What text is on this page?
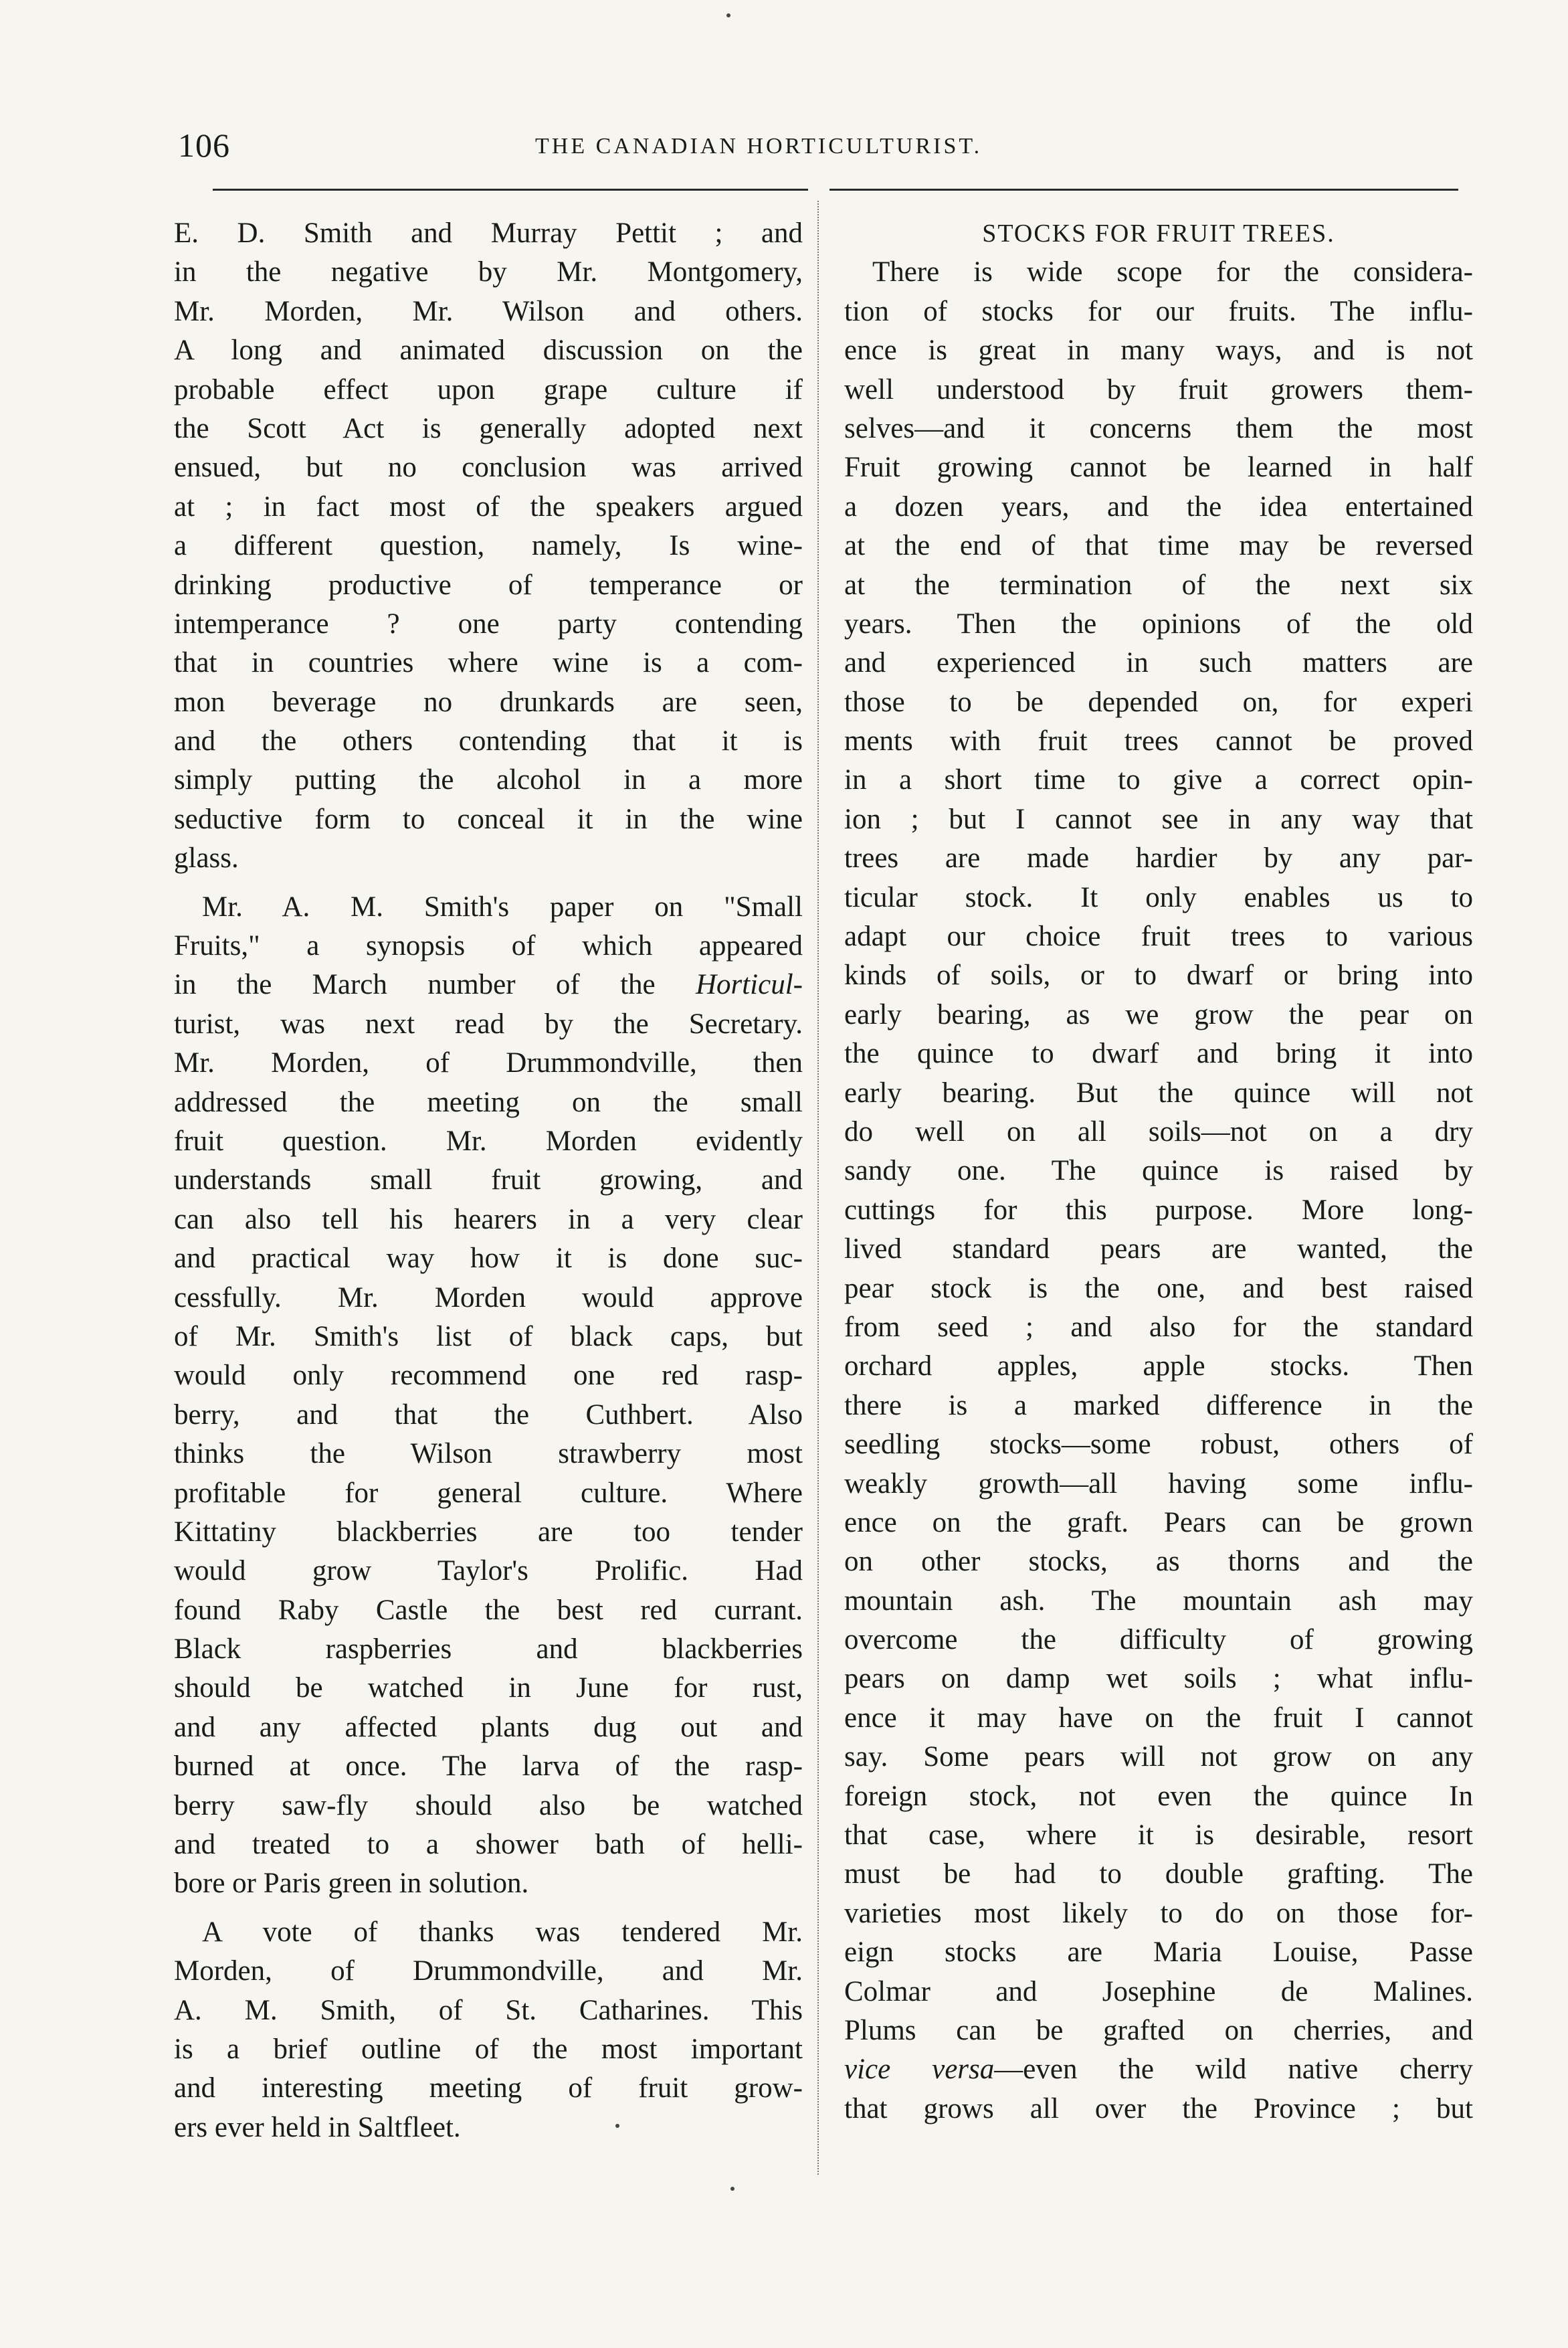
106	THE CANADIAN HORTICULTURIST.
E. D. Smith and Murray Pettit ; and
in the negative by Mr. Montgomery,
Mr. Morden, Mr. Wilson and others.
A long and animated discussion on the
probable effect upon grape culture if
the Scott Act is generally adopted next
ensued, but no conclusion was arrived
at ; in fact most of the speakers argued
a different question, namely, Is wine-
drinking productive of temperance or
intemperance ? one party contending
that in countries where wine is a com-
mon beverage no drunkards are seen,
and the others contending that it is
simply putting the alcohol in a more
seductive form to conceal it in the wine
glass.
Mr. A. M. Smith's paper on "Small
Fruits," a synopsis of which appeared
in the March number of the Horticul-
turist, was next read by the Secretary.
Mr. Morden, of Drummondville, then
addressed the meeting on the small
fruit question. Mr. Morden evidently
understands small fruit growing, and
can also tell his hearers in a very clear
and practical way how it is done suc-
cessfully. Mr. Morden would approve
of Mr. Smith's list of black caps, but
would only recommend one red rasp-
berry, and that the Cuthbert. Also
thinks the Wilson strawberry most
profitable for general culture. Where
Kittatiny blackberries are too tender
would grow Taylor's Prolific. Had
found Raby Castle the best red currant.
Black raspberries and blackberries
should be watched in June for rust,
and any affected plants dug out and
burned at once. The larva of the rasp-
berry saw-fly should also be watched
and treated to a shower bath of helli-
bore or Paris green in solution.
A vote of thanks was tendered Mr.
Morden, of Drummondville, and Mr.
A. M. Smith, of St. Catharines. This
is a brief outline of the most important
and interesting meeting of fruit grow-
ers ever held in Saltfleet.
STOCKS FOR FRUIT TREES.
There is wide scope for the considera-
tion of stocks for our fruits. The influ-
ence is great in many ways, and is not
well understood by fruit growers them-
selves—and it concerns them the most
Fruit growing cannot be learned in half
a dozen years, and the idea entertained
at the end of that time may be reversed
at the termination of the next six
years. Then the opinions of the old
and experienced in such matters are
those to be depended on, for experi
ments with fruit trees cannot be proved
in a short time to give a correct opin-
ion ; but I cannot see in any way that
trees are made hardier by any par-
ticular stock. It only enables us to
adapt our choice fruit trees to various
kinds of soils, or to dwarf or bring into
early bearing, as we grow the pear on
the quince to dwarf and bring it into
early bearing. But the quince will not
do well on all soils—not on a dry
sandy one. The quince is raised by
cuttings for this purpose. More long-
lived standard pears are wanted, the
pear stock is the one, and best raised
from seed ; and also for the standard
orchard apples, apple stocks. Then
there is a marked difference in the
seedling stocks—some robust, others of
weakly growth—all having some influ-
ence on the graft. Pears can be grown
on other stocks, as thorns and the
mountain ash. The mountain ash may
overcome the difficulty of growing
pears on damp wet soils ; what influ-
ence it may have on the fruit I cannot
say. Some pears will not grow on any
foreign stock, not even the quince In
that case, where it is desirable, resort
must be had to double grafting. The
varieties most likely to do on those for-
eign stocks are Maria Louise, Passe
Colmar and Josephine de Malines.
Plums can be grafted on cherries, and
vice versa—even the wild native cherry
that grows all over the Province ; but
